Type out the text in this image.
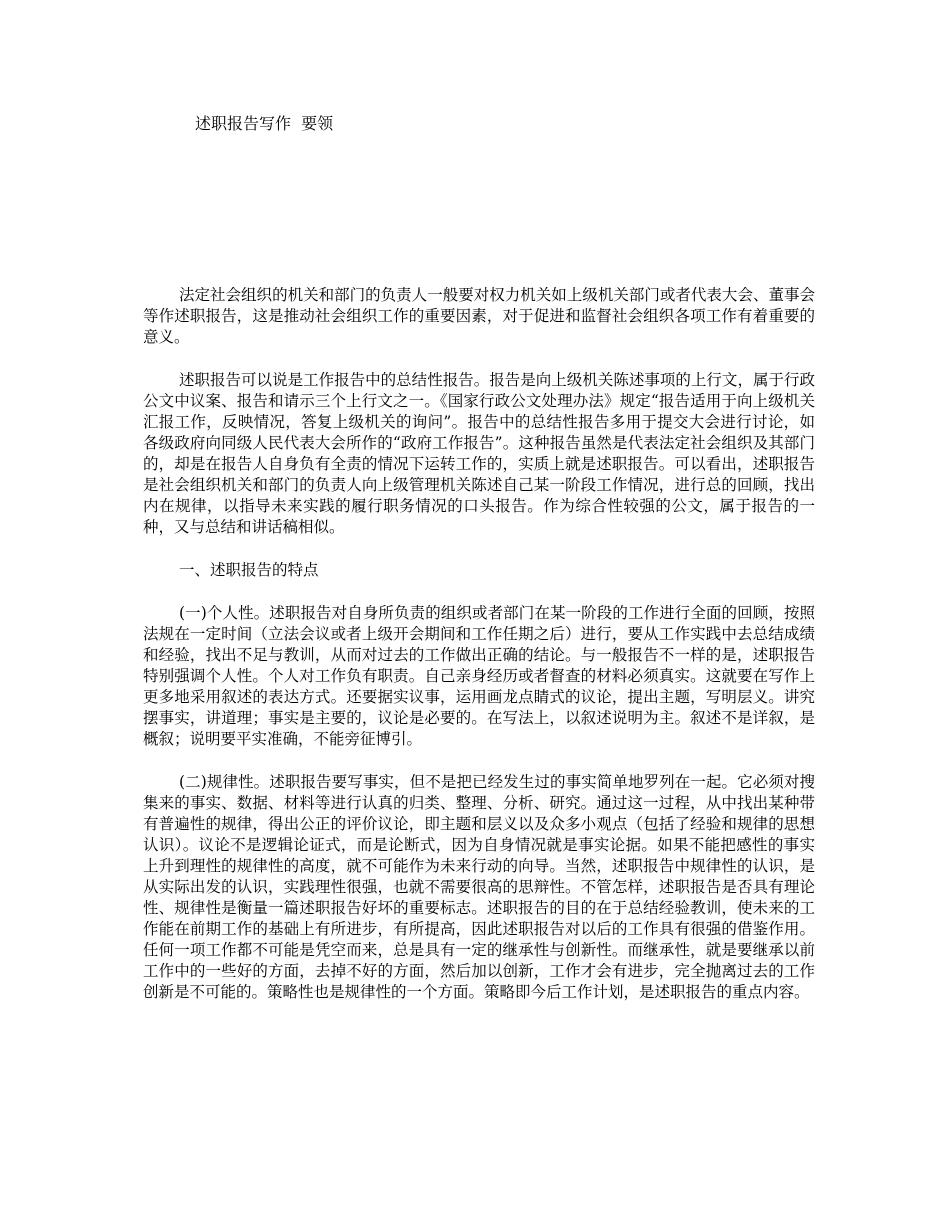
述职报告写作  要领

法定社会组织的机关和部门的负责人一般要对权力机关如上级机关部门或者代表大会、董事会等作述职报告，这是推动社会组织工作的重要因素，对于促进和监督社会组织各项工作有着重要的意义。

述职报告可以说是工作报告中的总结性报告。报告是向上级机关陈述事项的上行文，属于行政公文中议案、报告和请示三个上行文之一。《国家行政公文处理办法》规定“报告适用于向上级机关汇报工作，反映情况，答复上级机关的询问”。报告中的总结性报告多用于提交大会进行讨论，如各级政府向同级人民代表大会所作的“政府工作报告”。这种报告虽然是代表法定社会组织及其部门的，却是在报告人自身负有全责的情况下运转工作的，实质上就是述职报告。可以看出，述职报告是社会组织机关和部门的负责人向上级管理机关陈述自己某一阶段工作情况，进行总的回顾，找出内在规律，以指导未来实践的履行职务情况的口头报告。作为综合性较强的公文，属于报告的一种，又与总结和讲话稿相似。

一、述职报告的特点

(一)个人性。述职报告对自身所负责的组织或者部门在某一阶段的工作进行全面的回顾，按照法规在一定时间（立法会议或者上级开会期间和工作任期之后）进行，要从工作实践中去总结成绩和经验，找出不足与教训，从而对过去的工作做出正确的结论。与一般报告不一样的是，述职报告特别强调个人性。个人对工作负有职责。自己亲身经历或者督查的材料必须真实。这就要在写作上更多地采用叙述的表达方式。还要据实议事，运用画龙点睛式的议论，提出主题，写明层义。讲究摆事实，讲道理；事实是主要的，议论是必要的。在写法上，以叙述说明为主。叙述不是详叙，是概叙；说明要平实准确，不能旁征博引。

(二)规律性。述职报告要写事实，但不是把已经发生过的事实简单地罗列在一起。它必须对搜集来的事实、数据、材料等进行认真的归类、整理、分析、研究。通过这一过程，从中找出某种带有普遍性的规律，得出公正的评价议论，即主题和层义以及众多小观点（包括了经验和规律的思想认识）。议论不是逻辑论证式，而是论断式，因为自身情况就是事实论据。如果不能把感性的事实上升到理性的规律性的高度，就不可能作为未来行动的向导。当然，述职报告中规律性的认识，是从实际出发的认识，实践理性很强，也就不需要很高的思辩性。不管怎样，述职报告是否具有理论性、规律性是衡量一篇述职报告好坏的重要标志。述职报告的目的在于总结经验教训，使未来的工作能在前期工作的基础上有所进步，有所提高，因此述职报告对以后的工作具有很强的借鉴作用。任何一项工作都不可能是凭空而来，总是具有一定的继承性与创新性。而继承性，就是要继承以前工作中的一些好的方面，去掉不好的方面，然后加以创新，工作才会有进步，完全抛离过去的工作创新是不可能的。策略性也是规律性的一个方面。策略即今后工作计划，是述职报告的重点内容。
